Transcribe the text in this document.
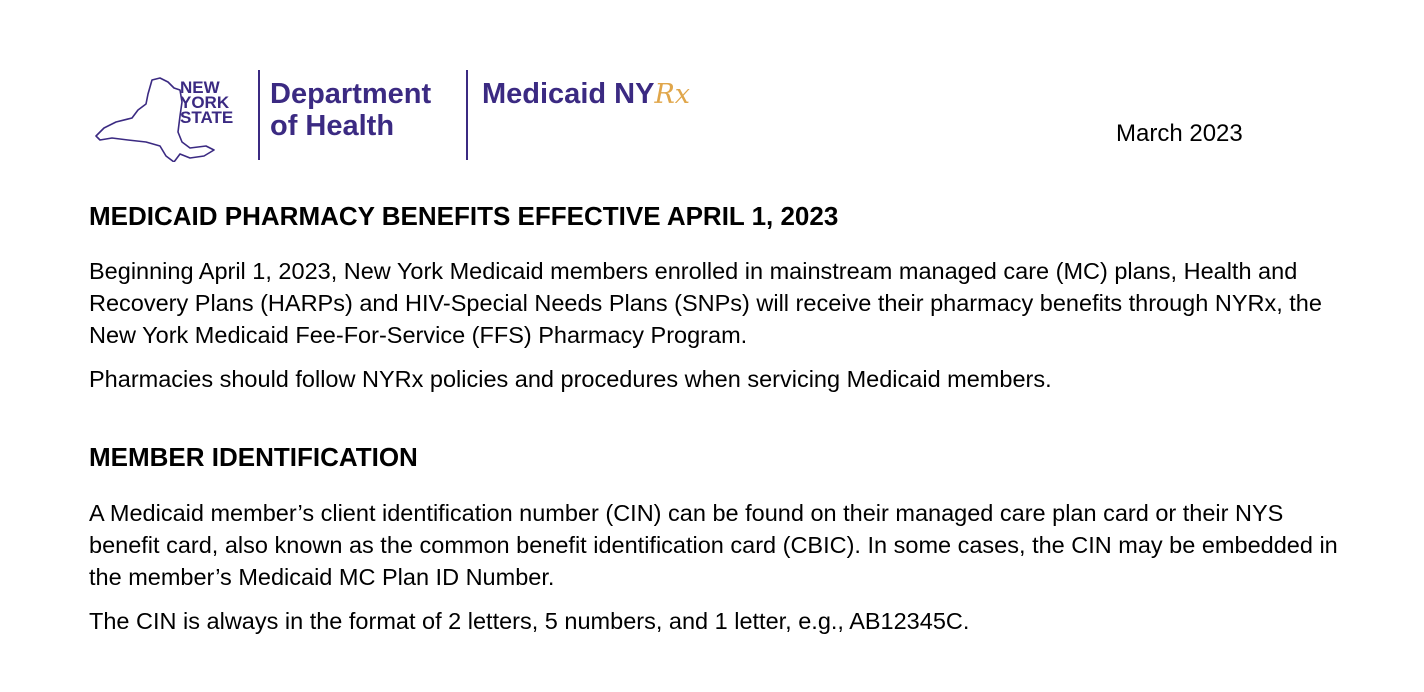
NEW
YORK
STATE
Department
of Health
Medicaid NYRx
March 2023
MEDICAID PHARMACY BENEFITS EFFECTIVE APRIL 1, 2023

Beginning April 1, 2023, New York Medicaid members enrolled in mainstream managed care (MC) plans, Health and Recovery Plans (HARPs) and HIV-Special Needs Plans (SNPs) will receive their pharmacy benefits through NYRx, the New York Medicaid Fee-For-Service (FFS) Pharmacy Program.

Pharmacies should follow NYRx policies and procedures when servicing Medicaid members.

MEMBER IDENTIFICATION

A Medicaid member’s client identification number (CIN) can be found on their managed care plan card or their NYS benefit card, also known as the common benefit identification card (CBIC). In some cases, the CIN may be embedded in the member’s Medicaid MC Plan ID Number.

The CIN is always in the format of 2 letters, 5 numbers, and 1 letter, e.g., AB12345C.
